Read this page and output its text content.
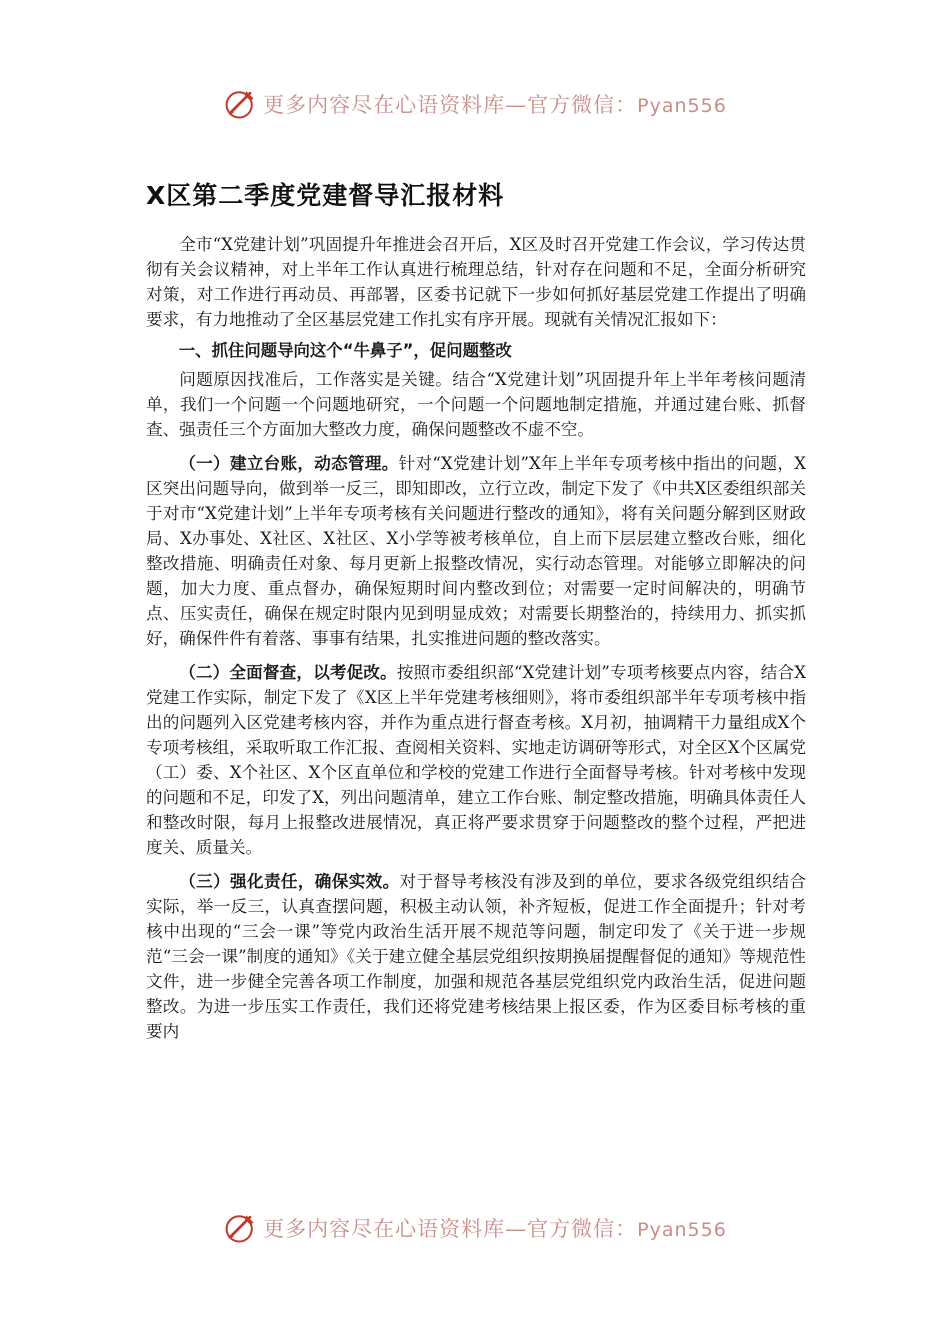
更多内容尽在心语资料库—官方微信：Pyan556
X区第二季度党建督导汇报材料

全市“X党建计划”巩固提升年推进会召开后，X区及时召开党建工作会议，学习传达贯彻有关会议精神，对上半年工作认真进行梳理总结，针对存在问题和不足，全面分析研究对策，对工作进行再动员、再部署，区委书记就下一步如何抓好基层党建工作提出了明确要求，有力地推动了全区基层党建工作扎实有序开展。现就有关情况汇报如下：

一、抓住问题导向这个“牛鼻子”，促问题整改

问题原因找准后，工作落实是关键。结合“X党建计划”巩固提升年上半年考核问题清单，我们一个问题一个问题地研究，一个问题一个问题地制定措施，并通过建台账、抓督查、强责任三个方面加大整改力度，确保问题整改不虚不空。

（一）建立台账，动态管理。针对“X党建计划”X年上半年专项考核中指出的问题，X区突出问题导向，做到举一反三，即知即改，立行立改，制定下发了《中共X区委组织部关于对市“X党建计划”上半年专项考核有关问题进行整改的通知》，将有关问题分解到区财政局、X办事处、X社区、X社区、X小学等被考核单位，自上而下层层建立整改台账，细化整改措施、明确责任对象、每月更新上报整改情况，实行动态管理。对能够立即解决的问题，加大力度、重点督办，确保短期时间内整改到位；对需要一定时间解决的，明确节点、压实责任，确保在规定时限内见到明显成效；对需要长期整治的，持续用力、抓实抓好，确保件件有着落、事事有结果，扎实推进问题的整改落实。

（二）全面督查，以考促改。按照市委组织部“X党建计划”专项考核要点内容，结合X党建工作实际，制定下发了《X区上半年党建考核细则》，将市委组织部半年专项考核中指出的问题列入区党建考核内容，并作为重点进行督查考核。X月初，抽调精干力量组成X个专项考核组，采取听取工作汇报、查阅相关资料、实地走访调研等形式，对全区X个区属党（工）委、X个社区、X个区直单位和学校的党建工作进行全面督导考核。针对考核中发现的问题和不足，印发了X，列出问题清单，建立工作台账、制定整改措施，明确具体责任人和整改时限，每月上报整改进展情况，真正将严要求贯穿于问题整改的整个过程，严把进度关、质量关。

（三）强化责任，确保实效。对于督导考核没有涉及到的单位，要求各级党组织结合实际，举一反三，认真查摆问题，积极主动认领，补齐短板，促进工作全面提升；针对考核中出现的“三会一课”等党内政治生活开展不规范等问题，制定印发了《关于进一步规范“三会一课”制度的通知》《关于建立健全基层党组织按期换届提醒督促的通知》等规范性文件，进一步健全完善各项工作制度，加强和规范各基层党组织党内政治生活，促进问题整改。为进一步压实工作责任，我们还将党建考核结果上报区委，作为区委目标考核的重要内

更多内容尽在心语资料库—官方微信：Pyan556
